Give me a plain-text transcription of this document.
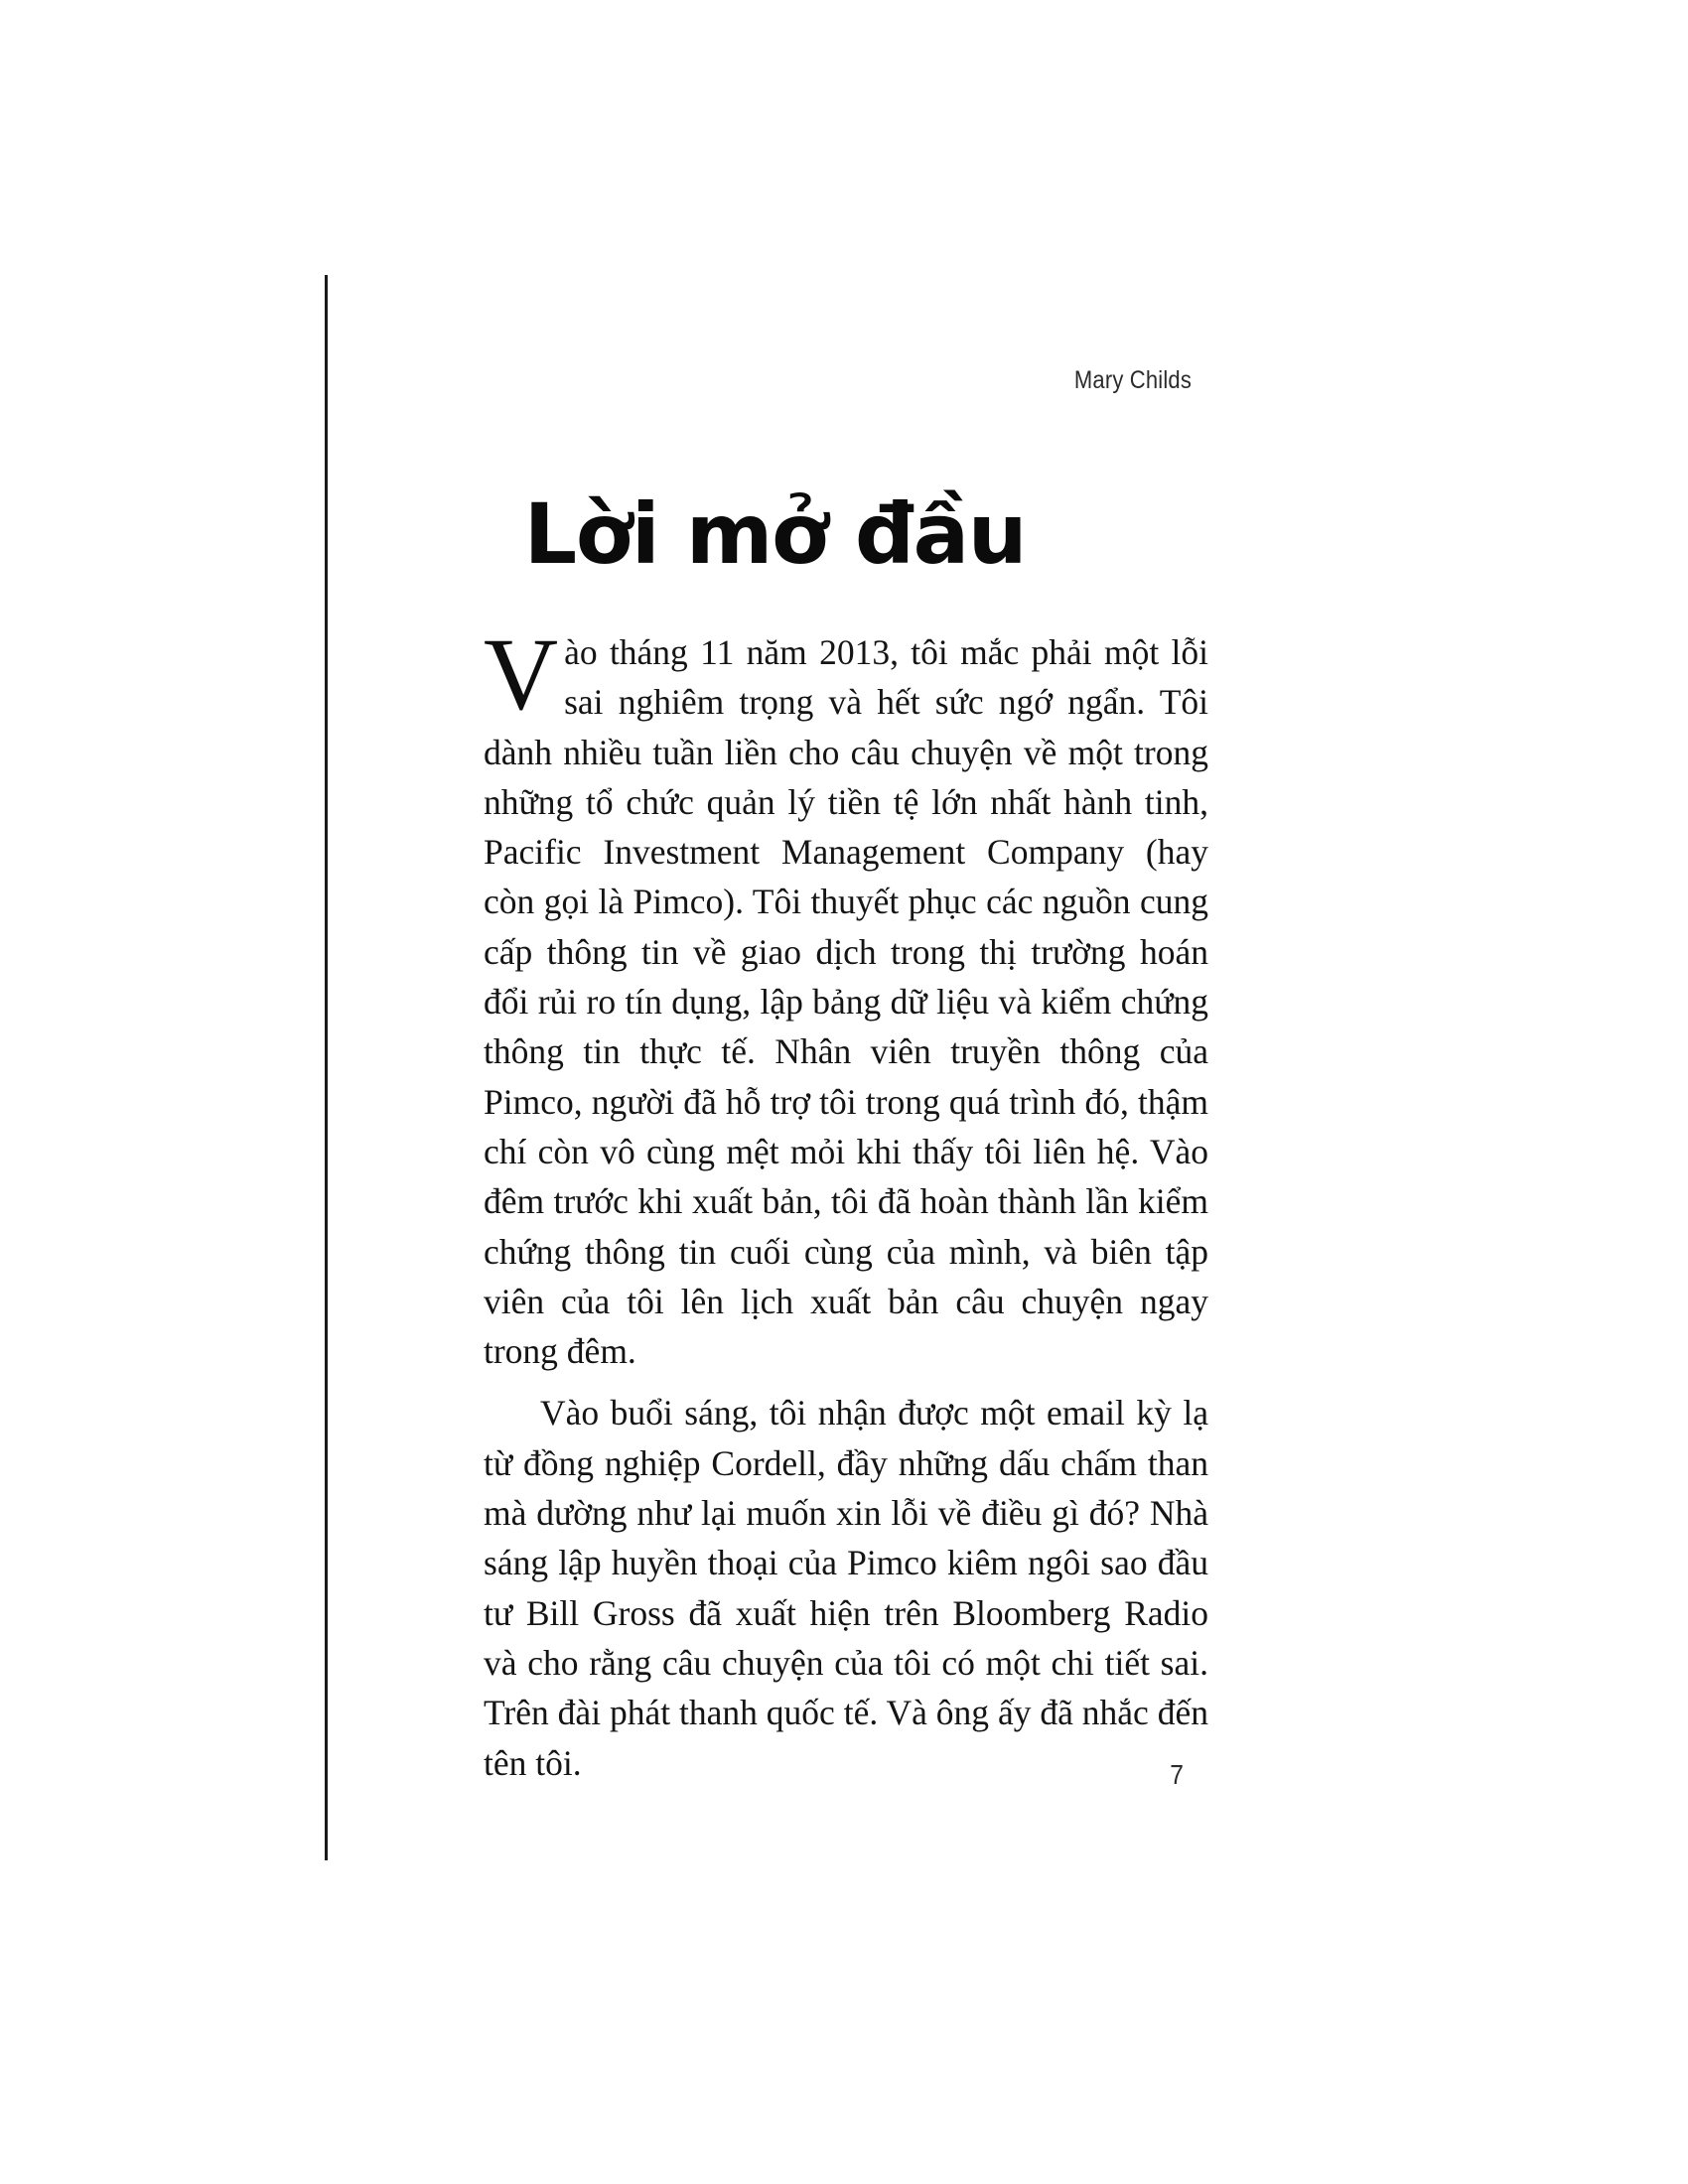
Mary Childs
Lời mở đầu

Vào tháng 11 năm 2013, tôi mắc phải một lỗi sai nghiêm trọng và hết sức ngớ ngẩn. Tôi dành nhiều tuần liền cho câu chuyện về một trong những tổ chức quản lý tiền tệ lớn nhất hành tinh, Pacific Investment Management Company (hay còn gọi là Pimco). Tôi thuyết phục các nguồn cung cấp thông tin về giao dịch trong thị trường hoán đổi rủi ro tín dụng, lập bảng dữ liệu và kiểm chứng thông tin thực tế. Nhân viên truyền thông của Pimco, người đã hỗ trợ tôi trong quá trình đó, thậm chí còn vô cùng mệt mỏi khi thấy tôi liên hệ. Vào đêm trước khi xuất bản, tôi đã hoàn thành lần kiểm chứng thông tin cuối cùng của mình, và biên tập viên của tôi lên lịch xuất bản câu chuyện ngay trong đêm.

Vào buổi sáng, tôi nhận được một email kỳ lạ từ đồng nghiệp Cordell, đầy những dấu chấm than mà dường như lại muốn xin lỗi về điều gì đó? Nhà sáng lập huyền thoại của Pimco kiêm ngôi sao đầu tư Bill Gross đã xuất hiện trên Bloomberg Radio và cho rằng câu chuyện của tôi có một chi tiết sai. Trên đài phát thanh quốc tế. Và ông ấy đã nhắc đến tên tôi.	7
